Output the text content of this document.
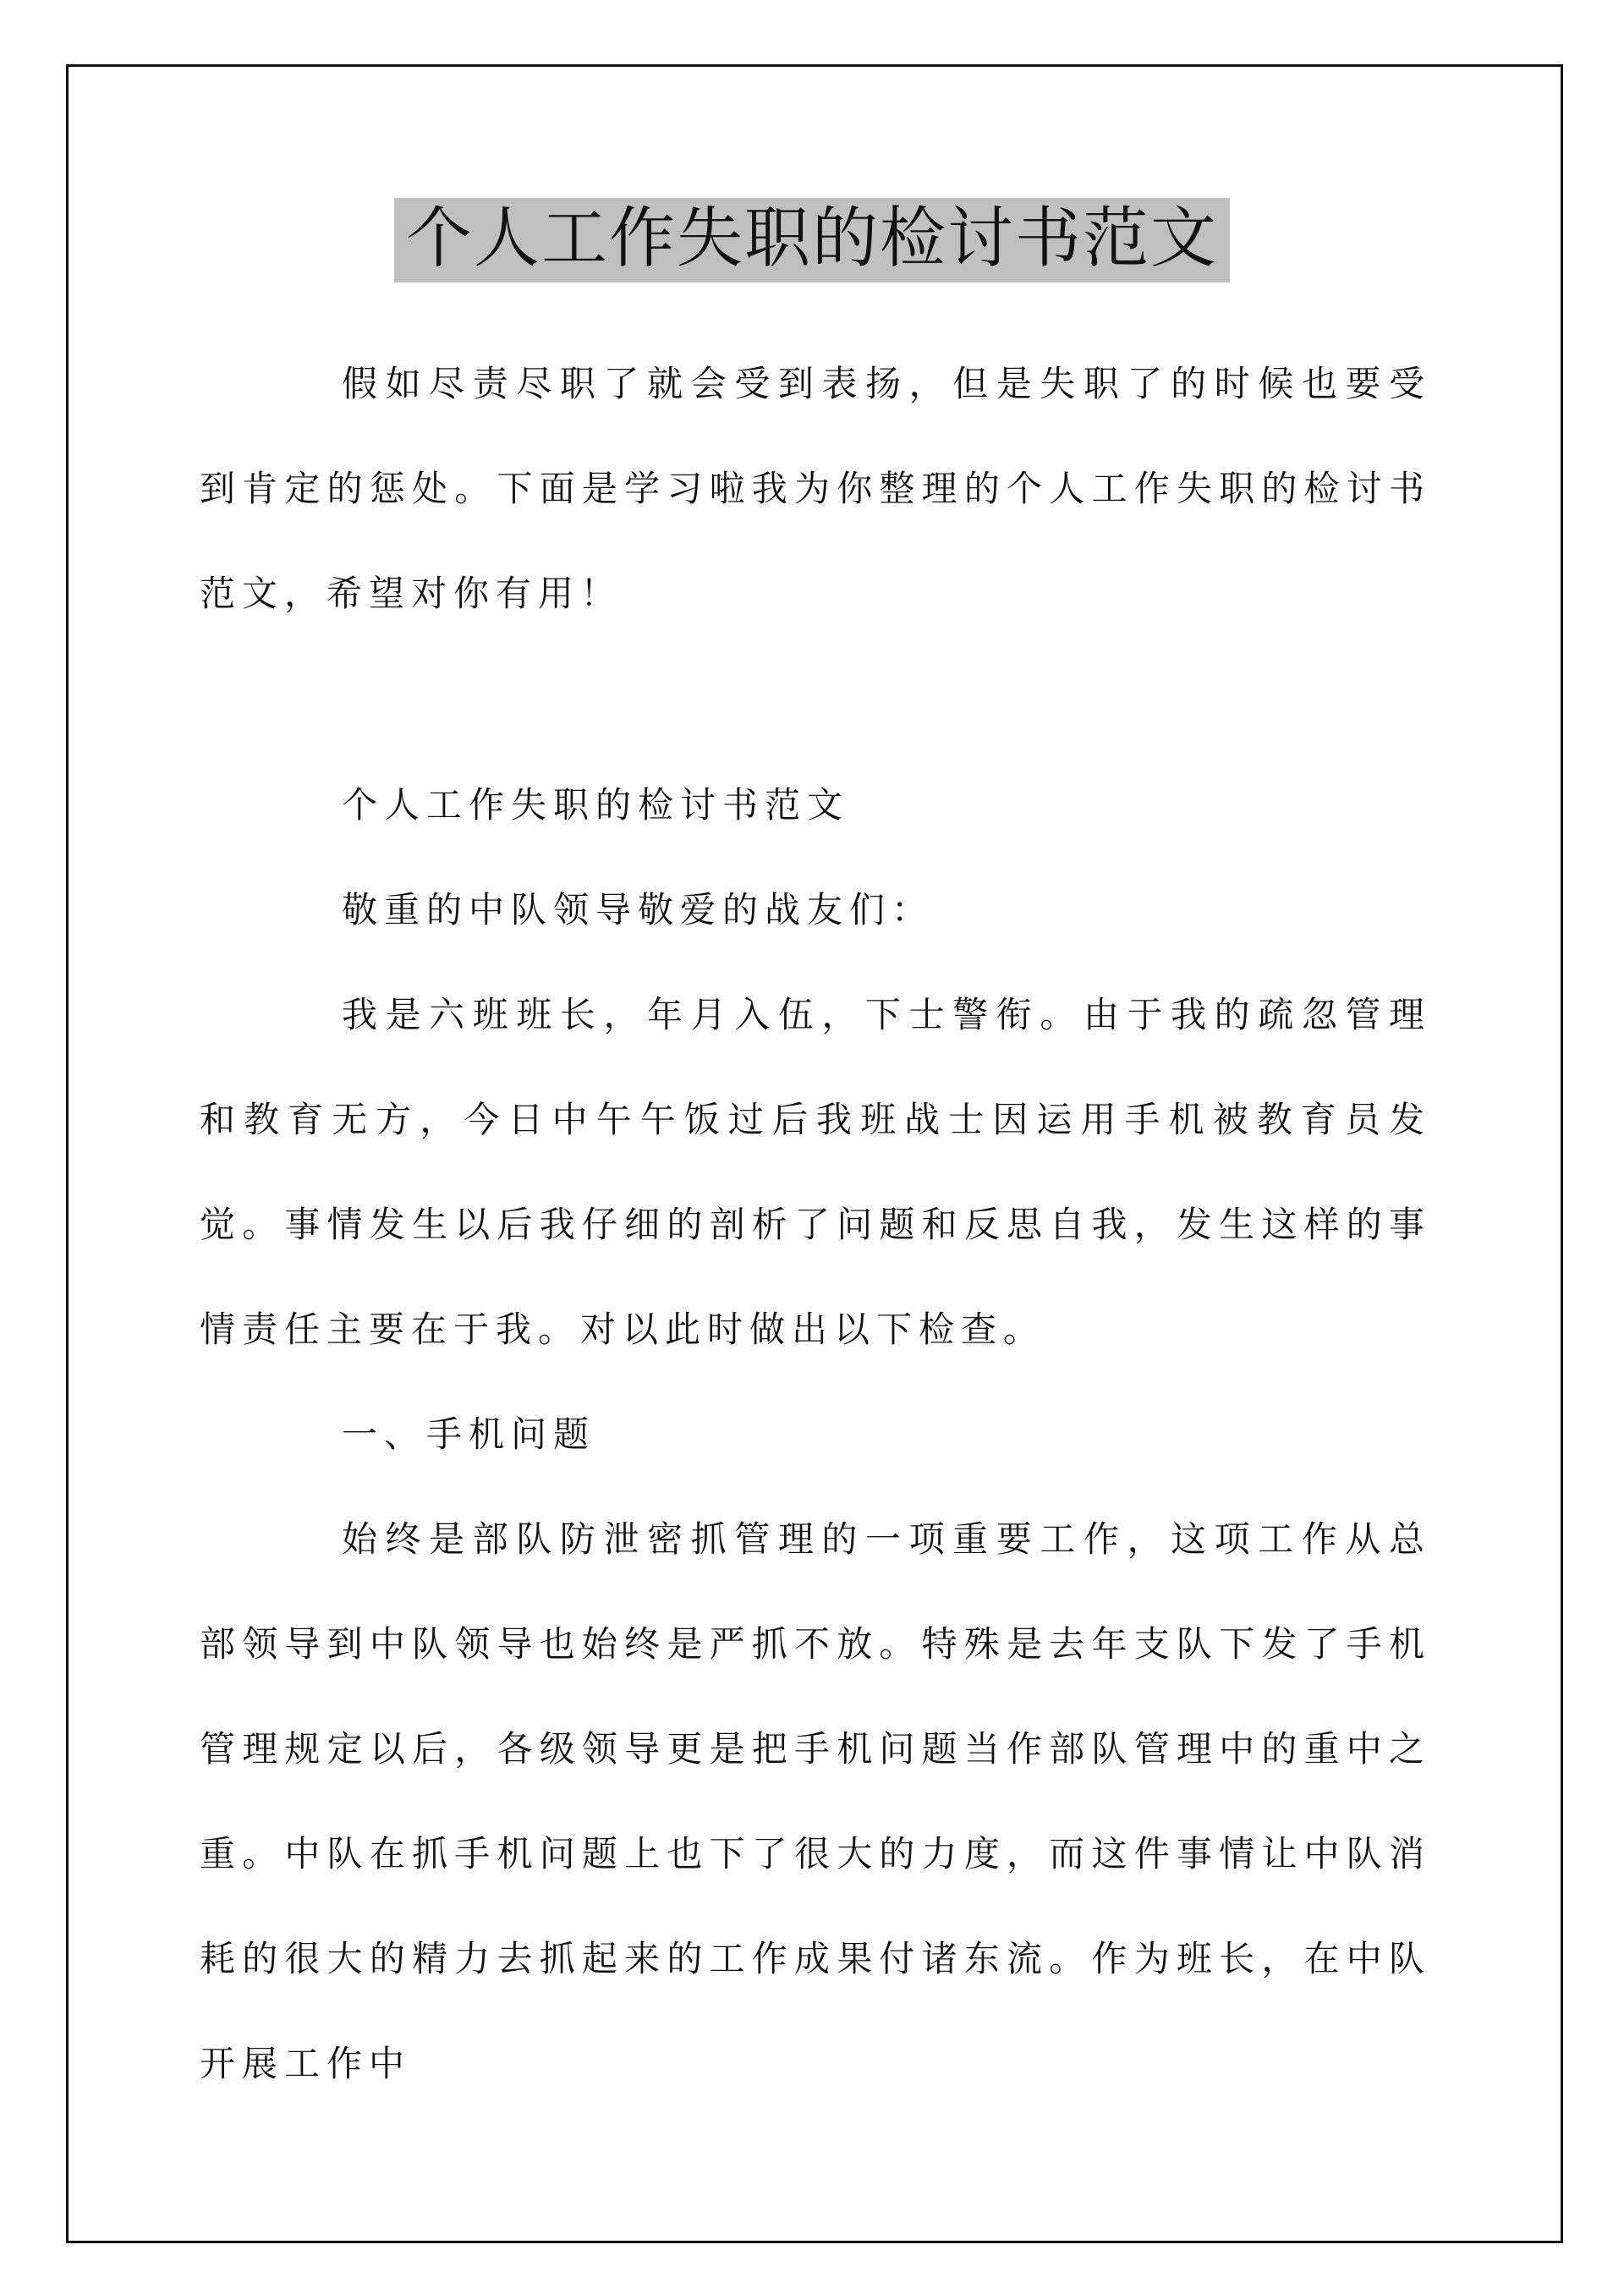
个人工作失职的检讨书范文

假如尽责尽职了就会受到表扬，但是失职了的时候也要受到肯定的惩处。下面是学习啦我为你整理的个人工作失职的检讨书范文，希望对你有用！

个人工作失职的检讨书范文

敬重的中队领导敬爱的战友们：

我是六班班长，年月入伍，下士警衔。由于我的疏忽管理和教育无方，今日中午午饭过后我班战士因运用手机被教育员发觉。事情发生以后我仔细的剖析了问题和反思自我，发生这样的事情责任主要在于我。对以此时做出以下检查。

一、手机问题

始终是部队防泄密抓管理的一项重要工作，这项工作从总部领导到中队领导也始终是严抓不放。特殊是去年支队下发了手机管理规定以后，各级领导更是把手机问题当作部队管理中的重中之重。中队在抓手机问题上也下了很大的力度，而这件事情让中队消耗的很大的精力去抓起来的工作成果付诸东流。作为班长，在中队开展工作中
